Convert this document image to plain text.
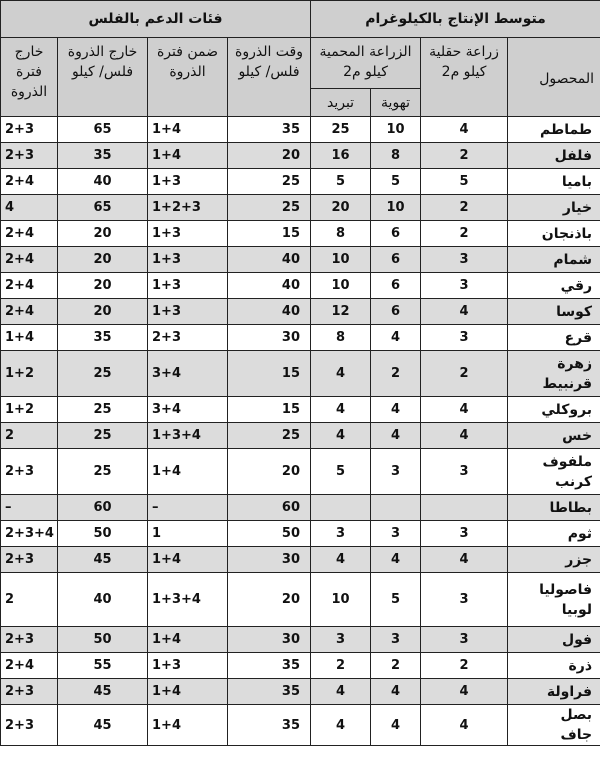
متوسط الإنتاج بالكيلوغرام				فئات الدعم بالفلس			
المحصول	زراعة حقلية كيلو م2	الزراعة المحمية كيلو م2		وقت الذروة فلس/ كيلو	ضمن فترة الذروة	خارج الذروة فلس/ كيلو	خارج فترة الذروة
		تهوية	تبريد				
طماطم	4	10	25	35	1+4	65	2+3
فلفل	2	8	16	20	1+4	35	2+3
باميا	5	5	5	25	1+3	40	2+4
خيار	2	10	20	25	1+2+3	65	4
باذنجان	2	6	8	15	1+3	20	2+4
شمام	3	6	10	40	1+3	20	2+4
رقي	3	6	10	40	1+3	20	2+4
كوسا	4	6	12	40	1+3	20	2+4
قرع	3	4	8	30	2+3	35	1+4
زهرة قرنبيط	2	2	4	15	3+4	25	1+2
بروكلي	4	4	4	15	3+4	25	1+2
خس	4	4	4	25	1+3+4	25	2
ملفوف كرنب	3	3	5	20	1+4	25	2+3
بطاطا				60	–	60	–
ثوم	3	3	3	50	1	50	2+3+4
جزر	4	4	4	30	1+4	45	2+3
فاصوليا لوبيا	3	5	10	20	1+3+4	40	2
فول	3	3	3	30	1+4	50	2+3
ذرة	2	2	2	35	1+3	55	2+4
فراولة	4	4	4	35	1+4	45	2+3
بصل جاف	4	4	4	35	1+4	45	2+3
